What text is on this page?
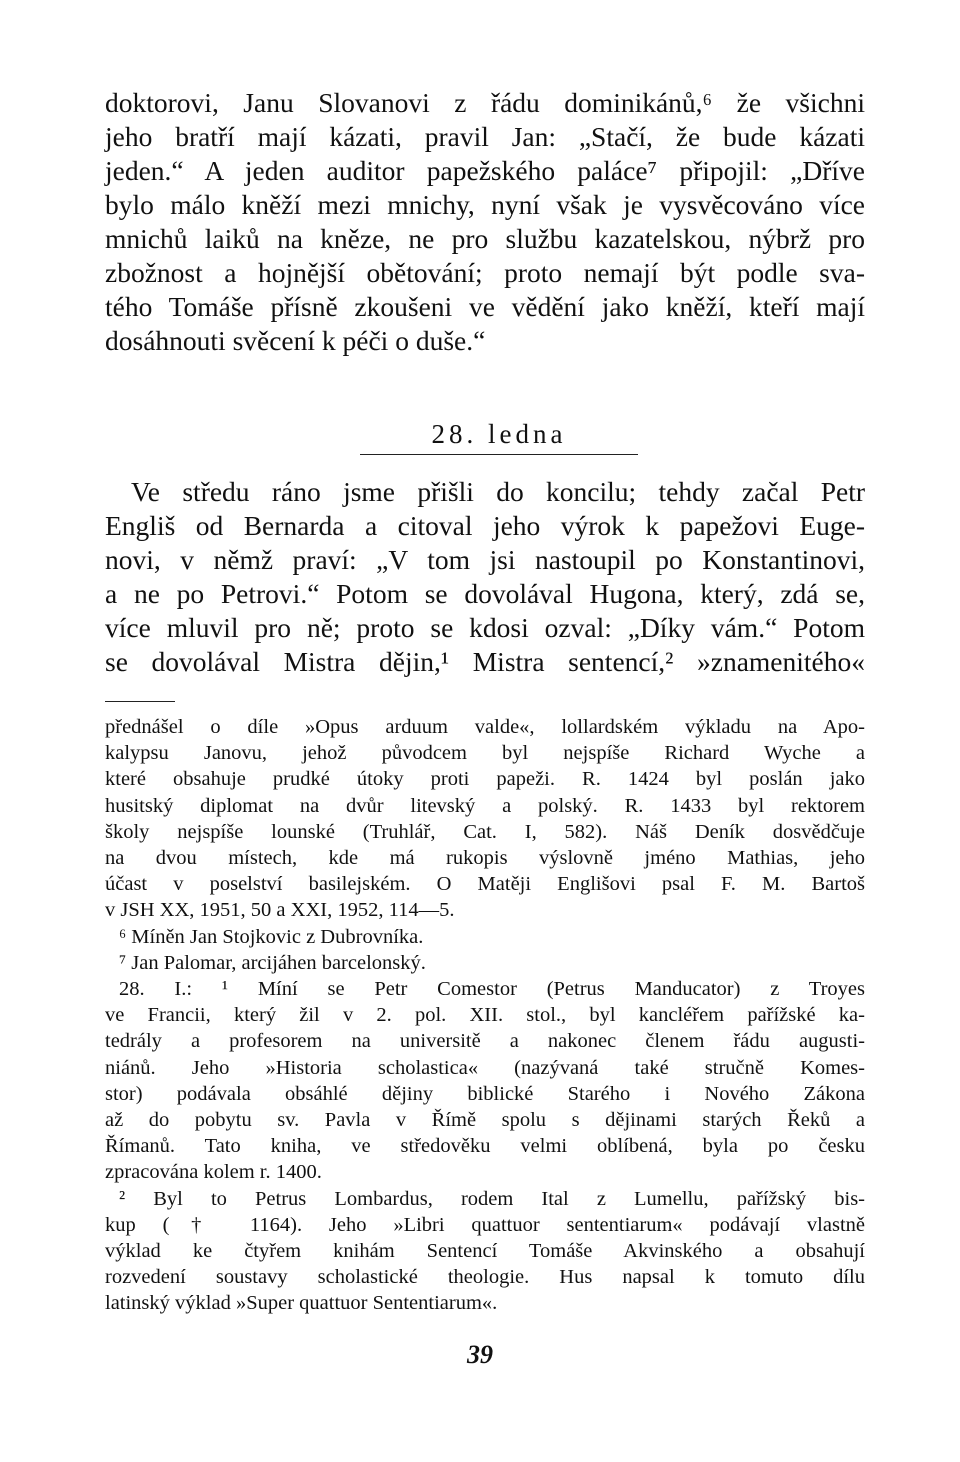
doktorovi, Janu Slovanovi z řádu dominikánů,⁶ že všichni
jeho bratří mají kázati, pravil Jan: „Stačí, že bude kázati
jeden.“ A jeden auditor papežského paláce⁷ připojil: „Dříve
bylo málo kněží mezi mnichy, nyní však je vysvěcováno více
mnichů laiků na kněze, ne pro službu kazatelskou, nýbrž pro
zbožnost a hojnější obětování; proto nemají být podle sva-
tého Tomáše přísně zkoušeni ve vědění jako kněží, kteří mají
dosáhnouti svěcení k péči o duše.“
28. ledna
Ve středu ráno jsme přišli do koncilu; tehdy začal Petr
Engliš od Bernarda a citoval jeho výrok k papežovi Euge-
novi, v němž praví: „V tom jsi nastoupil po Konstantinovi,
a ne po Petrovi.“ Potom se dovolával Hugona, který, zdá se,
více mluvil pro ně; proto se kdosi ozval: „Díky vám.“ Potom
se dovolával Mistra dějin,¹ Mistra sentencí,² »znamenitého«
přednášel o díle »Opus arduum valde«, lollardském výkladu na Apo-
kalypsu Janovu, jehož původcem byl nejspíše Richard Wyche a
které obsahuje prudké útoky proti papeži. R. 1424 byl poslán jako
husitský diplomat na dvůr litevský a polský. R. 1433 byl rektorem
školy nejspíše lounské (Truhlář, Cat. I, 582). Náš Deník dosvědčuje
na dvou místech, kde má rukopis výslovně jméno Mathias, jeho
účast v poselství basilejském. O Matěji Englišovi psal F. M. Bartoš
v JSH XX, 1951, 50 a XXI, 1952, 114—5.
⁶ Míněn Jan Stojkovic z Dubrovníka.
⁷ Jan Palomar, arcijáhen barcelonský.
28. I.: ¹ Míní se Petr Comestor (Petrus Manducator) z Troyes
ve Francii, který žil v 2. pol. XII. stol., byl kancléřem pařížské ka-
tedrály a profesorem na universitě a nakonec členem řádu augusti-
niánů. Jeho »Historia scholastica« (nazývaná také stručně Komes-
stor) podávala obsáhlé dějiny biblické Starého i Nového Zákona
až do pobytu sv. Pavla v Římě spolu s dějinami starých Řeků a
Římanů. Tato kniha, ve středověku velmi oblíbená, byla po česku
zpracována kolem r. 1400.
² Byl to Petrus Lombardus, rodem Ital z Lumellu, pařížský bis-
kup († 1164). Jeho »Libri quattuor sententiarum« podávají vlastně
výklad ke čtyřem knihám Sentencí Tomáše Akvinského a obsahují
rozvedení soustavy scholastické theologie. Hus napsal k tomuto dílu
latinský výklad »Super quattuor Sententiarum«.
39
